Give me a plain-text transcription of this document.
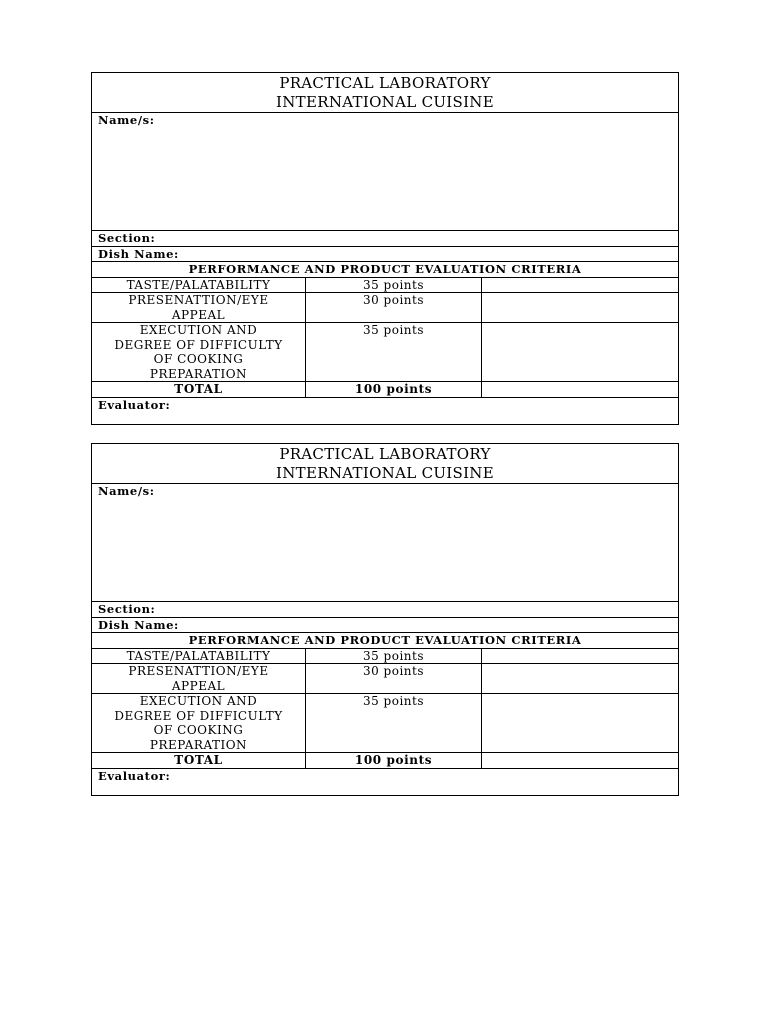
PRACTICAL LABORATORY
INTERNATIONAL CUISINE		

Name/s:		
Section:		
Dish Name:		
PERFORMANCE AND PRODUCT EVALUATION CRITERIA		

TASTE/PALATABILITY	35 points	

PRESENATTION/EYE
APPEAL	30 points	

EXECUTION AND
DEGREE OF DIFFICULTY
OF COOKING
PREPARATION	35 points	
TOTAL	100 points	
Evaluator:		
PRACTICAL LABORATORY
INTERNATIONAL CUISINE		

Name/s:		
Section:		
Dish Name:		
PERFORMANCE AND PRODUCT EVALUATION CRITERIA		

TASTE/PALATABILITY	35 points	

PRESENATTION/EYE
APPEAL	30 points	

EXECUTION AND
DEGREE OF DIFFICULTY
OF COOKING
PREPARATION	35 points	
TOTAL	100 points	
Evaluator:		
